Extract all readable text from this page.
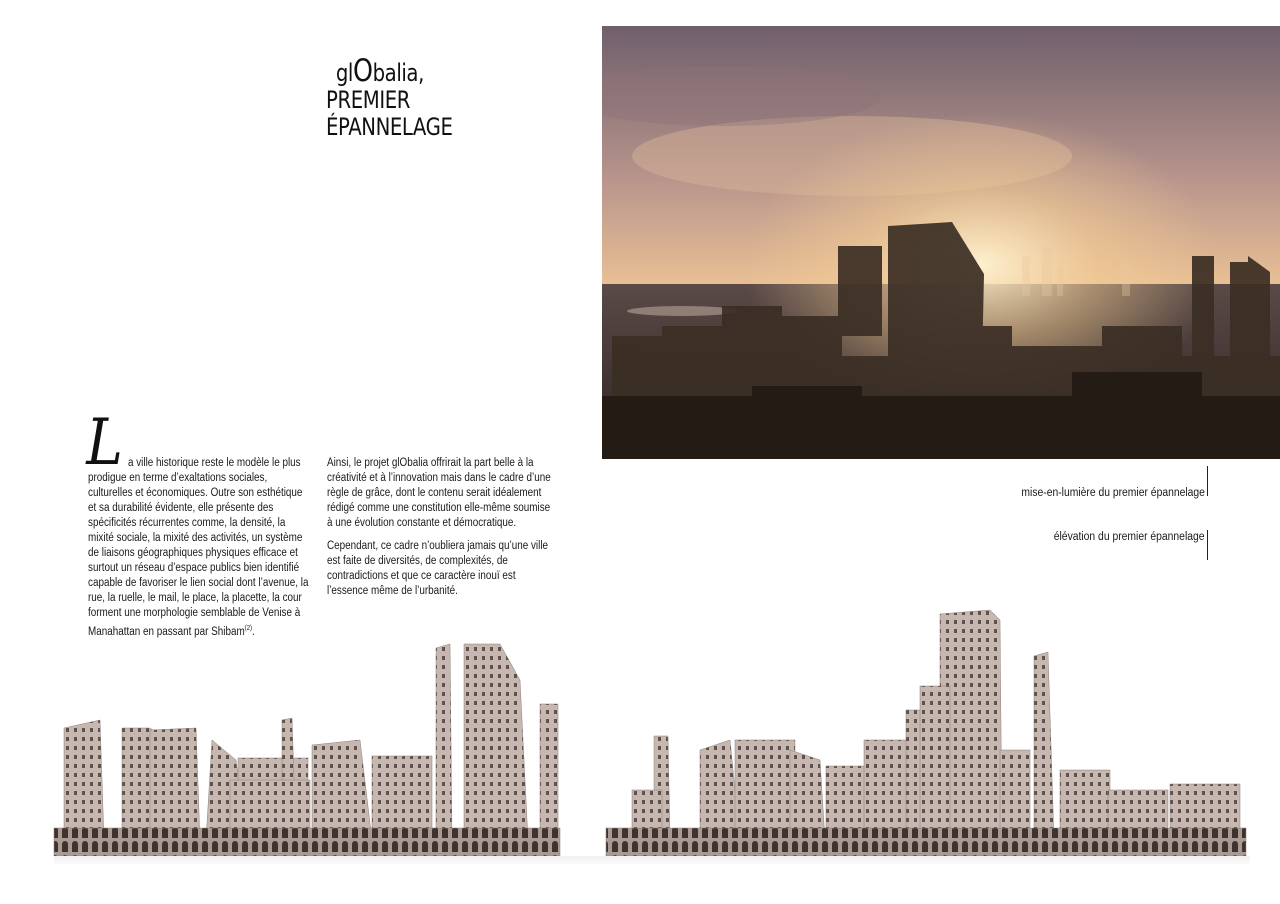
glObalia,
PREMIER ÉPANNELAGE

La ville historique reste le modèle le plus prodigue en terme d’exaltations sociales, culturelles et économiques. Outre son esthétique et sa durabilité évidente, elle présente des spécificités récurrentes comme, la densité, la mixité sociale, la mixité des activités, un système de liaisons géographiques physiques efficace et surtout un réseau d’espace publics bien identifié capable de favoriser le lien social dont l’avenue, la rue, la ruelle, le mail, le place, la placette, la cour forment une morphologie semblable de Venise à Manahattan en passant par Shibam$^{(2)}$.

Ainsi, le projet glObalia offrirait la part belle à la créativité et à l’innovation mais dans le cadre d’une règle de grâce, dont le contenu serait idéalement rédigé comme une constitution elle-même soumise à une évolution constante et démocratique.

Cependant, ce cadre n’oubliera jamais qu’une ville est faite de diversités, de complexités, de contradictions et que ce caractère inouï est l’essence même de l’urbanité.

mise-en-lumière du premier épannelage
élévation du premier épannelage
